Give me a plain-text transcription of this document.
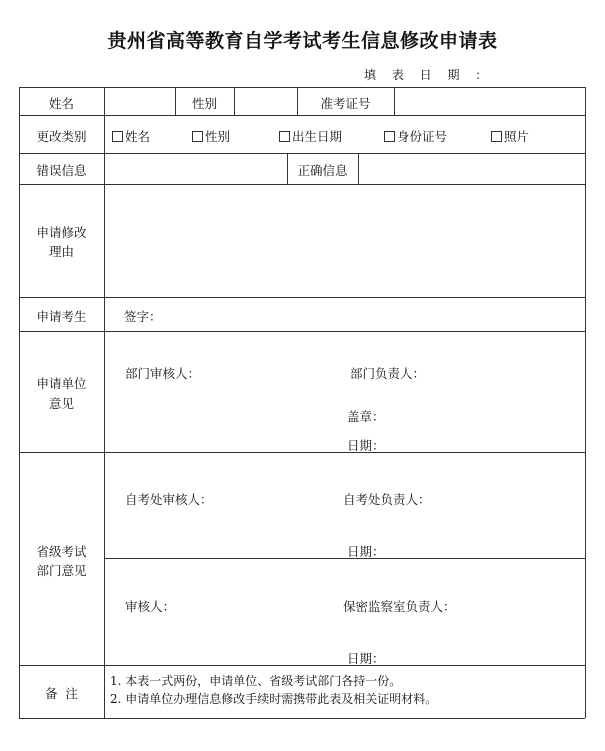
贵州省高等教育自学考试考生信息修改申请表
填 表 日 期 ：
姓名	性别	准考证号
更改类别	姓名	性别	出生日期	身份证号	照片
错误信息	正确信息
申请修改
理由
申请考生	签字：
申请单位
意见
部门审核人：	部门负责人：
盖章：
日期：
省级考试
部门意见
自考处审核人：	自考处负责人：
日期：
审核人：	保密监察室负责人：
日期：
备  注
1. 本表一式两份，申请单位、省级考试部门各持一份。
2. 申请单位办理信息修改手续时需携带此表及相关证明材料。
